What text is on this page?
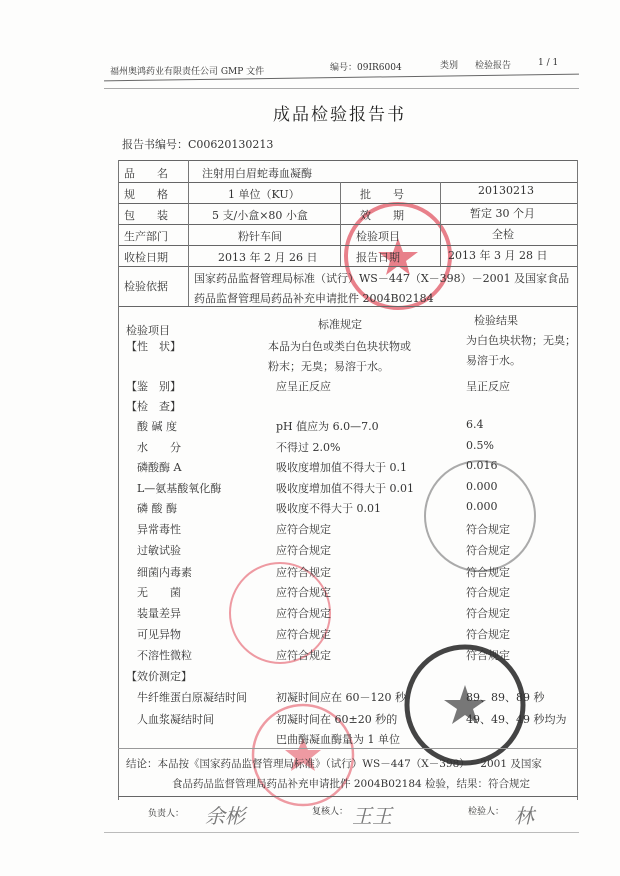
福州奥鸿药业有限责任公司 GMP 文件	编号：09IR6004	类别 检验报告	1 / 1
成品检验报告书
报告书编号：C00620130213
品　　名	注射用白眉蛇毒血凝酶
规　　格	1 单位（KU）	批　　号	20130213
包　　装	5 支/小盒×80 小盒	效　　期	暂定 30 个月
生产部门	粉针车间	检验项目	全检
收检日期	2013 年 2 月 26 日	报告日期	2013 年 3 月 28 日
检验依据
国家药品监督管理局标准（试行）WS－447（X－398）－2001 及国家食品
药品监督管理局药品补充申请批件 2004B02184
检验项目	标准规定	检验结果
【性　状】	本品为白色或类白色块状物或	为白色块状物；无臭；
粉末；无臭；易溶于水。	易溶于水。
【鉴　别】	应呈正反应	呈正反应
【检　查】
　酸 碱 度	pH 值应为 6.0—7.0	6.4
　水　　分	不得过 2.0%	0.5%
　磷酸酶 A	吸收度增加值不得大于 0.1	0.016
　L—氨基酸氧化酶	吸收度增加值不得大于 0.01	0.000
　磷 酸 酶	吸收度不得大于 0.01	0.000
　异常毒性	应符合规定	符合规定
　过敏试验	应符合规定	符合规定
　细菌内毒素	应符合规定	符合规定
　无　　菌	应符合规定	符合规定
　装量差异	应符合规定	符合规定
　可见异物	应符合规定	符合规定
　不溶性微粒	应符合规定	符合规定
【效价测定】
　牛纤维蛋白原凝结时间	初凝时间应在 60－120 秒	89、89、89 秒
　人血浆凝结时间	初凝时间在 60±20 秒的	49、49、49 秒均为
巴曲酶凝血酶量为 1 单位
结论：本品按《国家药品监督管理局标准》（试行）WS－447（X－398）－2001 及国家
食品药品监督管理局药品补充申请批件 2004B02184 检验，结果：符合规定
负责人： 余彬	复核人： 王王	检验人： 林
